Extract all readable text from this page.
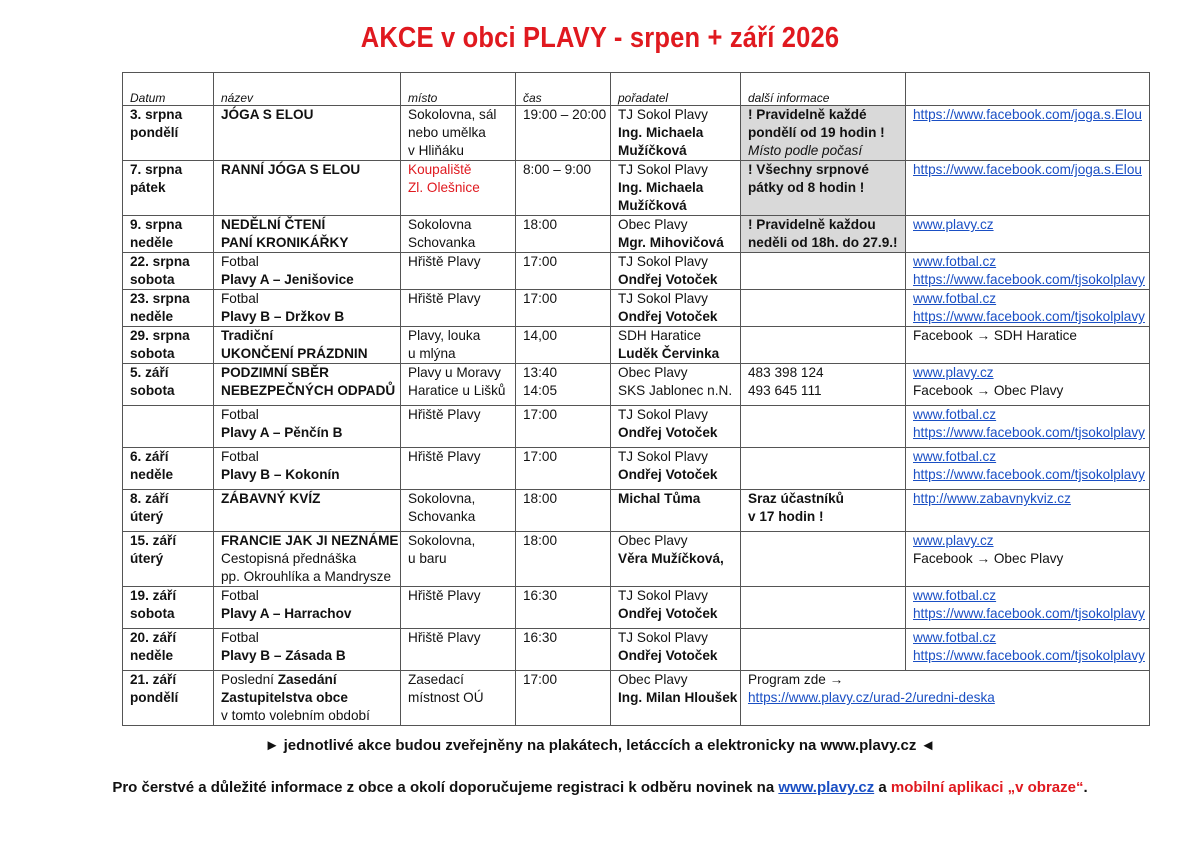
AKCE v obci PLAVY - srpen + září 2026
Datum	název	místo	čas	pořadatel	další informace	

3. srpna
pondělí	JÓGA S ELOU	Sokolovna, sál
nebo umělka
v Hliňáku	19:00 – 20:00	TJ Sokol Plavy
Ing. Michaela
Mužíčková	! Pravidelně každé
pondělí od 19 hodin !
Místo podle počasí	https://www.facebook.com/joga.s.Elou

7. srpna
pátek	RANNÍ JÓGA S ELOU	Koupaliště
Zl. Olešnice	8:00 – 9:00	TJ Sokol Plavy
Ing. Michaela
Mužíčková	! Všechny srpnové
pátky od 8 hodin !	https://www.facebook.com/joga.s.Elou

9. srpna
neděle	NEDĚLNÍ ČTENÍ
PANÍ KRONIKÁŘKY	Sokolovna
Schovanka	18:00	Obec Plavy
Mgr. Mihovičová	! Pravidelně každou
neděli od 18h. do 27.9.!	www.plavy.cz

22. srpna
sobota	Fotbal
Plavy A – Jenišovice	Hřiště Plavy	17:00	TJ Sokol Plavy
Ondřej Votoček		www.fotbal.cz
https://www.facebook.com/tjsokolplavy

23. srpna
neděle	Fotbal
Plavy B – Držkov B	Hřiště Plavy	17:00	TJ Sokol Plavy
Ondřej Votoček		www.fotbal.cz
https://www.facebook.com/tjsokolplavy

29. srpna
sobota	Tradiční
UKONČENÍ PRÁZDNIN	Plavy, louka
u mlýna	14,00	SDH Haratice
Luděk Červinka		Facebook → SDH Haratice

5. září
sobota	PODZIMNÍ SBĚR
NEBEZPEČNÝCH ODPADŮ	Plavy u Moravy
Haratice u Lišků	13:40
14:05	Obec Plavy
SKS Jablonec n.N.	483 398 124
493 645 111	www.plavy.cz
Facebook → Obec Plavy

	Fotbal
Plavy A – Pěnčín B	Hřiště Plavy	17:00	TJ Sokol Plavy
Ondřej Votoček		www.fotbal.cz
https://www.facebook.com/tjsokolplavy

6. září
neděle	Fotbal
Plavy B – Kokonín	Hřiště Plavy	17:00	TJ Sokol Plavy
Ondřej Votoček		www.fotbal.cz
https://www.facebook.com/tjsokolplavy

8. září
úterý	ZÁBAVNÝ KVÍZ	Sokolovna,
Schovanka	18:00	Michal Tůma	Sraz účastníků
v 17 hodin !	http://www.zabavnykviz.cz

15. září
úterý	FRANCIE JAK JI NEZNÁME
Cestopisná přednáška
pp. Okrouhlíka a Mandrysze	Sokolovna,
u baru	18:00	Obec Plavy
Věra Mužíčková,		www.plavy.cz
Facebook → Obec Plavy

19. září
sobota	Fotbal
Plavy A – Harrachov	Hřiště Plavy	16:30	TJ Sokol Plavy
Ondřej Votoček		www.fotbal.cz
https://www.facebook.com/tjsokolplavy

20. září
neděle	Fotbal
Plavy B – Zásada B	Hřiště Plavy	16:30	TJ Sokol Plavy
Ondřej Votoček		www.fotbal.cz
https://www.facebook.com/tjsokolplavy

21. září
pondělí	Poslední Zasedání
Zastupitelstva obce
v tomto volebním období	Zasedací
místnost OÚ	17:00	Obec Plavy
Ing. Milan Hloušek	Program zde →
https://www.plavy.cz/urad-2/uredni-deska	
► jednotlivé akce budou zveřejněny na plakátech, letáccích a elektronicky na www.plavy.cz ◄
Pro čerstvé a důležité informace z obce a okolí doporučujeme registraci k odběru novinek na www.plavy.cz a mobilní aplikaci „v obraze“.
